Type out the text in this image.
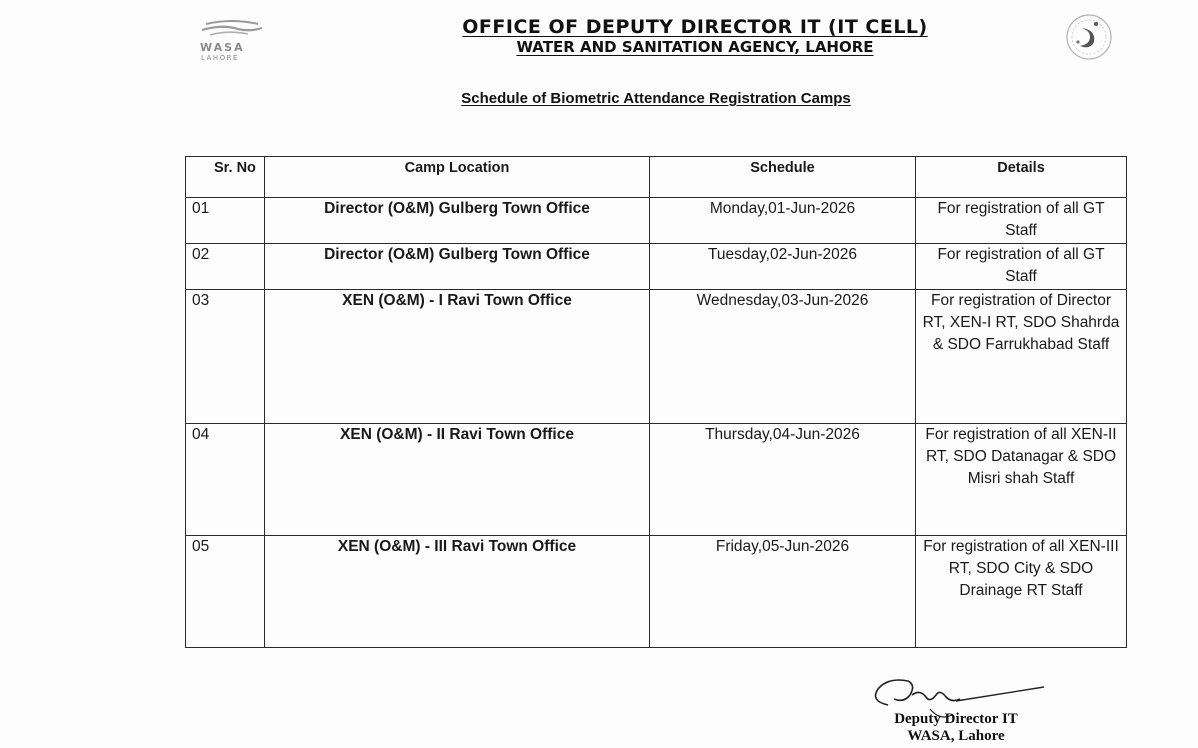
WASA
LAHORE
OFFICE OF DEPUTY DIRECTOR IT (IT CELL)
WATER AND SANITATION AGENCY, LAHORE
Schedule of Biometric Attendance Registration Camps
Sr. No	Camp Location	Schedule	Details
01	Director (O&M) Gulberg Town Office	Monday,01-Jun-2026	For registration of all GT Staff
02	Director (O&M) Gulberg Town Office	Tuesday,02-Jun-2026	For registration of all GT Staff
03	XEN (O&M) - I Ravi Town Office	Wednesday,03-Jun-2026	For registration of Director RT, XEN-I RT, SDO Shahrda & SDO Farrukhabad Staff
04	XEN (O&M) - II Ravi Town Office	Thursday,04-Jun-2026	For registration of all XEN-II RT, SDO Datanagar & SDO Misri shah Staff
05	XEN (O&M) - III Ravi Town Office	Friday,05-Jun-2026	For registration of all XEN-III RT, SDO City & SDO Drainage RT Staff
Deputy Director IT
WASA, Lahore
